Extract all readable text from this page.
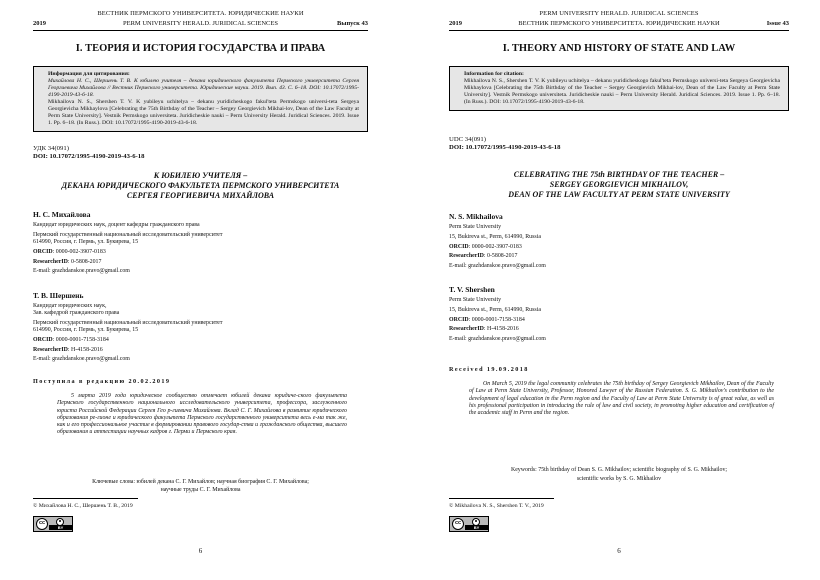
ВЕСТНИК ПЕРМСКОГО УНИВЕРСИТЕТА. ЮРИДИЧЕСКИЕ НАУКИ
2019	PERM UNIVERSITY HERALD. JURIDICAL SCIENCES	Выпуск 43
I. ТЕОРИЯ И ИСТОРИЯ ГОСУДАРСТВА И ПРАВА
Информация для цитирования:
Михайлова Н. С., Шершень Т. В. К юбилею учителя – декана юридического факультета Пермского университета Сергея Георгиевича Михайлова // Вестник Пермского университета. Юридические науки. 2019. Вып. 43. C. 6–18. DOI: 10.17072/1995-4190-2019-43-6-18.
Mikhailova N. S., Shershen T. V. K yubileyu uchitelya – dekanu yuridicheskogo fakul'teta Permskogo universi-teta Sergeya Georgievicha Mikhaylova [Celebrating the 75th Birthday of the Teacher – Sergey Georgievich Mikhai-lov, Dean of the Law Faculty at Perm State University]. Vestnik Permskogo universiteta. Juridicheskie nauki – Perm University Herald. Juridical Sciences. 2019. Issue 1. Pp. 6–18. (In Russ.). DOI: 10.17072/1995-4190-2019-43-6-18.
УДК 34(091)
DOI: 10.17072/1995-4190-2019-43-6-18
К ЮБИЛЕЮ УЧИТЕЛЯ –
ДЕКАНА ЮРИДИЧЕСКОГО ФАКУЛЬТЕТА ПЕРМСКОГО УНИВЕРСИТЕТА
СЕРГЕЯ ГЕОРГИЕВИЧА МИХАЙЛОВА
Н. С. Михайлова
Кандидат юридических наук, доцент кафедры гражданского права
Пермский государственный национальный исследовательский университет
614990, Россия, г. Пермь, ул. Букирева, 15
ORCID: 0000-002-3907-0183
ResearcherID: 0-5808-2017
E-mail: grazhdanskoe.pravo@gmail.com
Т. В. Шершень
Кандидат юридических наук,
Зав. кафедрой гражданского права
Пермский государственный национальный исследовательский университет
614990, Россия, г. Пермь, ул. Букирева, 15
ORCID: 0000-0001-7158-3184
ResearcherID: Н-4158-2016
E-mail: grazhdanskoe.pravo@gmail.com
Поступила в редакцию 20.02.2019
5 марта 2019 года юридическое сообщество отмечает юбилей декана юридиче-ского факультета Пермского государственного национального исследовательского университета, профессора, заслуженного юриста Российской Федерации Сергея Гео р-гиевича Михайлова. Вклад С. Г. Михайлова в развитие юридического образования ре-гионе и юридического факультета Пермского государственного университета весь е-ма так же, как и его профессиональное участие в формировании правового государ-ства и гражданского общества, высшего образования и аттестации научных кадров г. Перми и Пермского края.
Ключевые слова: юбилей декана С. Г. Михайлов; научная биография С. Г. Михайлова;
научные труды С. Г. Михайлова
© Михайлова Н. С., Шершень Т. В., 2019
cc
BY
6
PERM UNIVERSITY HERALD. JURIDICAL SCIENCES
2019	ВЕСТНИК ПЕРМСКОГО УНИВЕРСИТЕТА. ЮРИДИЧЕСКИЕ НАУКИ	Issue 43
I. THEORY AND HISTORY OF STATE AND LAW
Information for citation:
Mikhailova N. S., Shershen T. V. K yubileyu uchitelya – dekanu yuridicheskogo fakul'teta Permskogo universi-teta Sergeya Georgievicha Mikhaylova [Celebrating the 75th Birthday of the Teacher – Sergey Georgievich Mikhai-lov, Dean of the Law Faculty at Perm State University]. Vestnik Permskogo universiteta. Juridicheskie nauki – Perm University Herald. Juridical Sciences. 2019. Issue 1. Pp. 6–18. (In Russ.). DOI: 10.17072/1995-4190-2019-43-6-18.
UDC 34(091)
DOI: 10.17072/1995-4190-2019-43-6-18
CELEBRATING THE 75th BIRTHDAY OF THE TEACHER –
SERGEY GEORGIEVICH MIKHAILOV,
DEAN OF THE LAW FACULTY AT PERM STATE UNIVERSITY
N. S. Mikhailova
Perm State University
15, Bukireva st., Perm, 614990, Russia
ORCID: 0000-002-3907-0183
ResearcherID: 0-5808-2017
E-mail: grazhdanskoe.pravo@gmail.com
T. V. Shershen
Perm State University
15, Bukireva st., Perm, 614990, Russia
ORCID: 0000-0001-7158-3184
ResearcherID: H-4158-2016
E-mail: grazhdanskoe.pravo@gmail.com
Received 19.09.2018
On March 5, 2019 the legal community celebrates the 75th birthday of Sergey Georgievich Mikhailov, Dean of the Faculty of Law at Perm State University, Professor, Honored Lawyer of the Russian Federation. S. G. Mikhailov's contribution to the development of legal education in the Perm region and the Faculty of Law at Perm State University is of great value, as well as his professional participation in introducing the rule of law and civil society, in promoting higher education and certification of the academic staff in Perm and the region.
Keywords: 75th birthday of Dean S. G. Mikhailov; scientific biography of S. G. Mikhailov;
scientific works by S. G. Mikhailov
© Mikhailova N. S., Shershen T. V., 2019
cc
BY
6
